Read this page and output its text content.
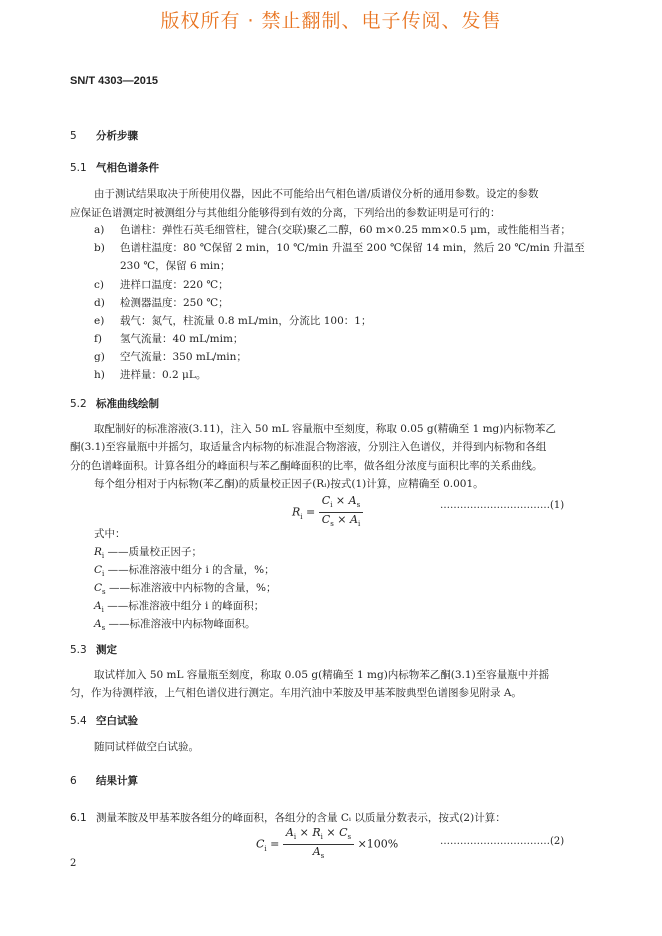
版权所有 · 禁止翻制、电子传阅、发售
SN/T 4303—2015
5 分析步骤
5.1 气相色谱条件
由于测试结果取决于所使用仪器，因此不可能给出气相色谱/质谱仪分析的通用参数。设定的参数
应保证色谱测定时被测组分与其他组分能够得到有效的分离，下列给出的参数证明是可行的：
a) 色谱柱：弹性石英毛细管柱，键合(交联)聚乙二醇，60 m×0.25 mm×0.5 μm，或性能相当者；
b) 色谱柱温度：80 ℃保留 2 min，10 ℃/min 升温至 200 ℃保留 14 min，然后 20 ℃/min 升温至
230 ℃，保留 6 min；
c) 进样口温度：220 ℃；
d) 检测器温度：250 ℃；
e) 载气：氮气，柱流量 0.8 mL/min，分流比 100：1；
f) 氢气流量：40 mL/mim；
g) 空气流量：350 mL/min；
h) 进样量：0.2 μL。
5.2 标准曲线绘制
取配制好的标准溶液(3.11)，注入 50 mL 容量瓶中至刻度，称取 0.05 g(精确至 1 mg)内标物苯乙
酮(3.1)至容量瓶中并摇匀，取适量含内标物的标准混合物溶液，分别注入色谱仪，并得到内标物和各组
分的色谱峰面积。计算各组分的峰面积与苯乙酮峰面积的比率，做各组分浓度与面积比率的关系曲线。
每个组分相对于内标物(苯乙酮)的质量校正因子(Rᵢ)按式(1)计算，应精确至 0.001。
$R_i = \frac{C_i \times A_s}{C_s \times A_i}$	……………………………(1)
式中：
$R_i$ ——质量校正因子；
$C_i$ ——标准溶液中组分 i 的含量，%；
$C_s$ ——标准溶液中内标物的含量，%；
$A_i$ ——标准溶液中组分 i 的峰面积；
$A_s$ ——标准溶液中内标物峰面积。
5.3 测定
取试样加入 50 mL 容量瓶至刻度，称取 0.05 g(精确至 1 mg)内标物苯乙酮(3.1)至容量瓶中并摇
匀，作为待测样液，上气相色谱仪进行测定。车用汽油中苯胺及甲基苯胺典型色谱图参见附录 A。
5.4 空白试验
随同试样做空白试验。
6 结果计算
6.1 测量苯胺及甲基苯胺各组分的峰面积，各组分的含量 Cᵢ 以质量分数表示，按式(2)计算：
$C_i = \frac{A_i \times R_i \times C_s}{A_s} \times 100\%$	……………………………(2)
2
